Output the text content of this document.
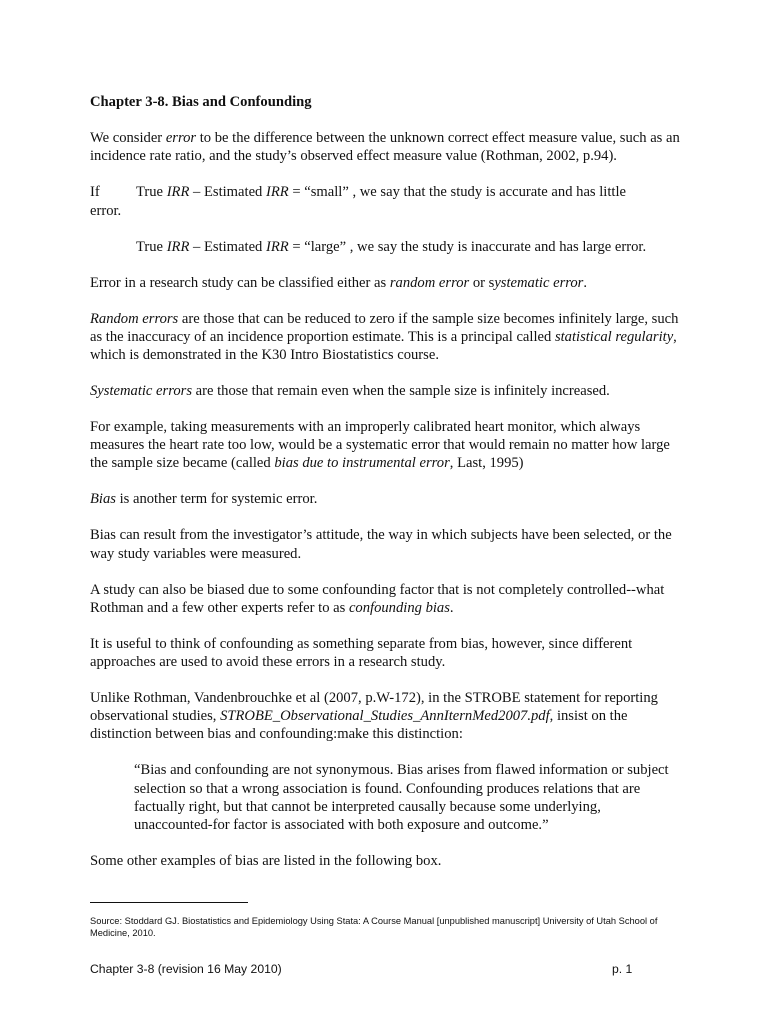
Chapter 3-8. Bias and Confounding

We consider error to be the difference between the unknown correct effect measure value, such as an incidence rate ratio, and the study’s observed effect measure value (Rothman, 2002, p.94).

If	True IRR – Estimated IRR = “small” , we say that the study is accurate and has little

error.

True IRR – Estimated IRR = “large” , we say the study is inaccurate and has large error.

Error in a research study can be classified either as random error or systematic error.

Random errors are those that can be reduced to zero if the sample size becomes infinitely large, such as the inaccuracy of an incidence proportion estimate. This is a principal called statistical regularity, which is demonstrated in the K30 Intro Biostatistics course.

Systematic errors are those that remain even when the sample size is infinitely increased.

For example, taking measurements with an improperly calibrated heart monitor, which always measures the heart rate too low, would be a systematic error that would remain no matter how large the sample size became (called bias due to instrumental error, Last, 1995)

Bias is another term for systemic error.

Bias can result from the investigator’s attitude, the way in which subjects have been selected, or the way study variables were measured.

A study can also be biased due to some confounding factor that is not completely controlled--what Rothman and a few other experts refer to as confounding bias.

It is useful to think of confounding as something separate from bias, however, since different approaches are used to avoid these errors in a research study.

Unlike Rothman, Vandenbrouchke et al (2007, p.W-172), in the STROBE statement for reporting observational studies, STROBE_Observational_Studies_AnnIternMed2007.pdf, insist on the distinction between bias and confounding:make this distinction:

“Bias and confounding are not synonymous. Bias arises from flawed information or subject selection so that a wrong association is found. Confounding produces relations that are factually right, but that cannot be interpreted causally because some underlying, unaccounted-for factor is associated with both exposure and outcome.”

Some other examples of bias are listed in the following box.

Source: Stoddard GJ. Biostatistics and Epidemiology Using Stata: A Course Manual [unpublished manuscript] University of Utah School of Medicine, 2010.
Chapter 3-8 (revision 16 May 2010)	p. 1
